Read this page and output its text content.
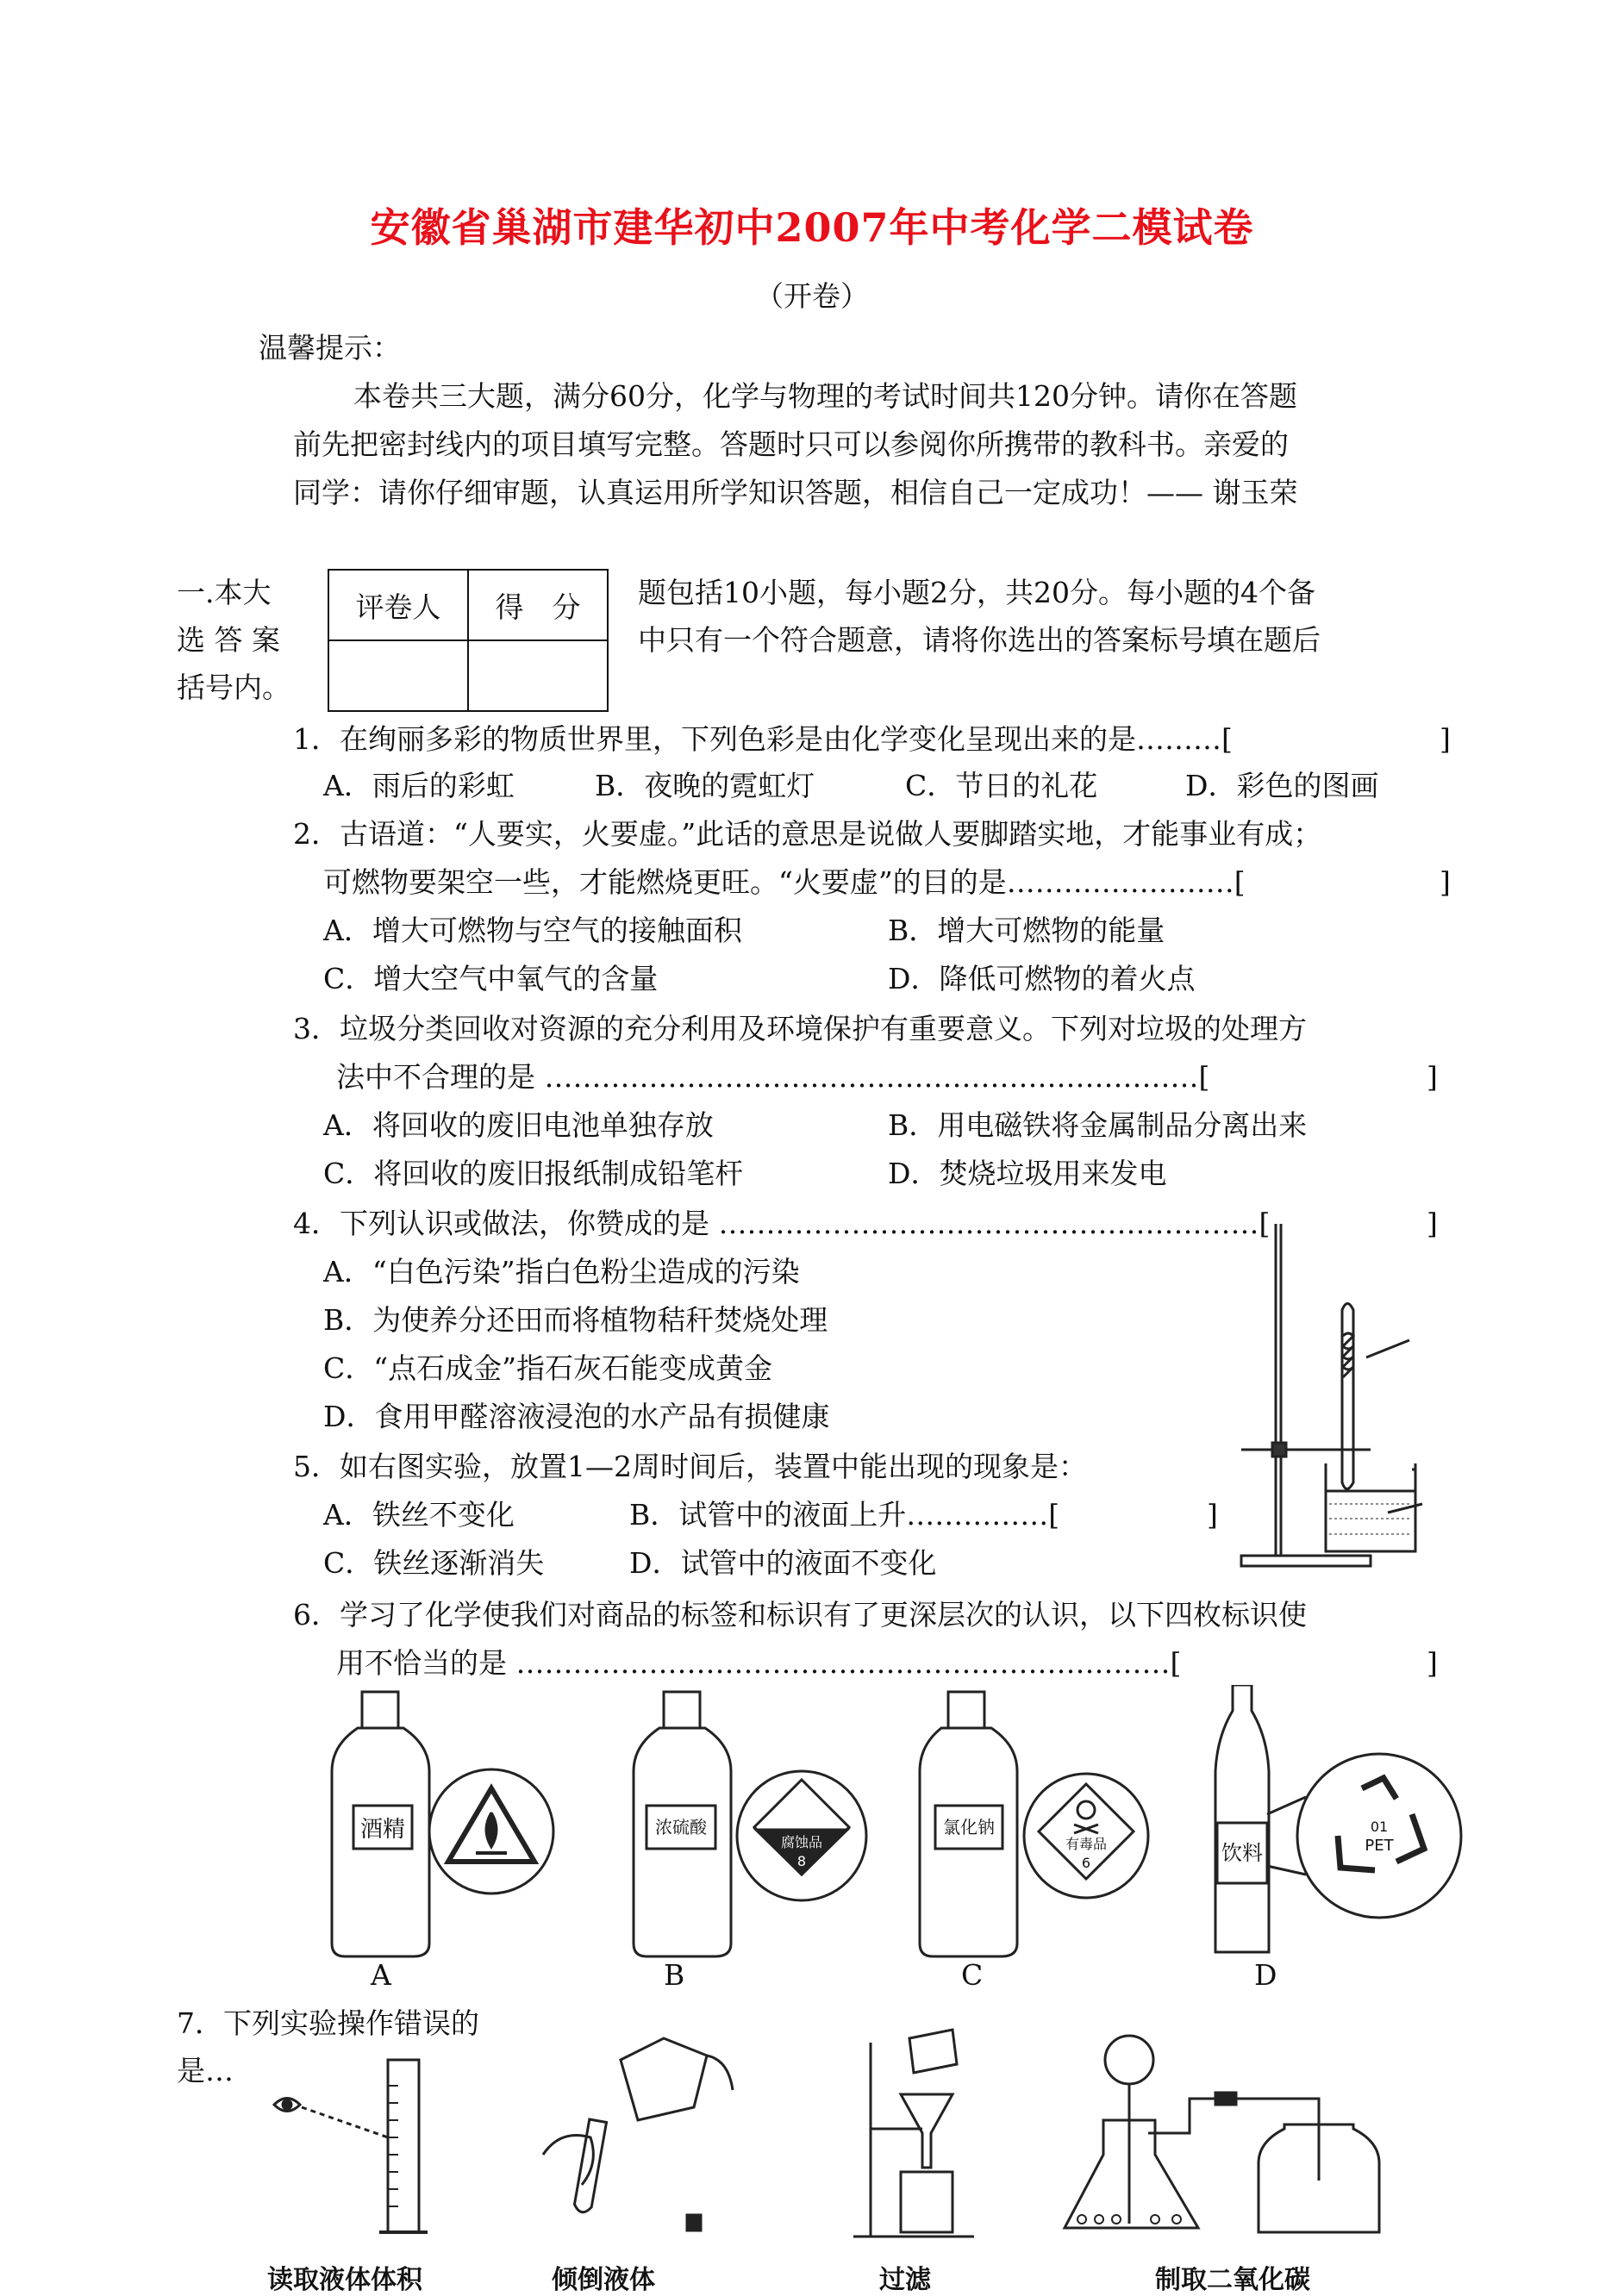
安徽省巢湖市建华初中2007年中考化学二模试卷
（开卷）
温馨提示：
本卷共三大题，满分60分，化学与物理的考试时间共120分钟。请你在答题
前先把密封线内的项目填写完整。答题时只可以参阅你所携带的教科书。亲爱的
同学：请你仔细审题，认真运用所学知识答题，相信自己一定成功！—— 谢玉荣
一.本大
选 答 案
括号内。
评卷人	得　分
	题包括10小题，每小题2分，共20分。每小题的4个备
中只有一个符合题意，请将你选出的答案标号填在题后
1．在绚丽多彩的物质世界里，下列色彩是由化学变化呈现出来的是………[	]
A．雨后的彩虹	B．夜晚的霓虹灯	C．节日的礼花	D．彩色的图画
2．古语道：“人要实，火要虚。”此话的意思是说做人要脚踏实地，才能事业有成；
可燃物要架空一些，才能燃烧更旺。“火要虚”的目的是……………………[	]
A．增大可燃物与空气的接触面积	B．增大可燃物的能量
C．增大空气中氧气的含量	D．降低可燃物的着火点
3．垃圾分类回收对资源的充分利用及环境保护有重要意义。下列对垃圾的处理方
法中不合理的是 ……………………………………………………………[	]
A．将回收的废旧电池单独存放	B．用电磁铁将金属制品分离出来
C．将回收的废旧报纸制成铅笔杆	D．焚烧垃圾用来发电
4．下列认识或做法，你赞成的是 …………………………………………………[	]
A．“白色污染”指白色粉尘造成的污染
B．为使养分还田而将植物秸秆焚烧处理
C．“点石成金”指石灰石能变成黄金
D．食用甲醛溶液浸泡的水产品有损健康
5．如右图实验，放置1—2周时间后，装置中能出现的现象是：
A．铁丝不变化	B．试管中的液面上升……………[	]
C．铁丝逐渐消失	D．试管中的液面不变化
6．学习了化学使我们对商品的标签和标识有了更深层次的认识，以下四枚标识使
用不恰当的是 ……………………………………………………………[	]
酒精	浓硫酸	氯化钠
饮料
腐蚀品
8
有毒品
6
01
PET
A	B	C	D
7．下列实验操作错误的
是…
读取液体体积	倾倒液体	过滤	制取二氧化碳
